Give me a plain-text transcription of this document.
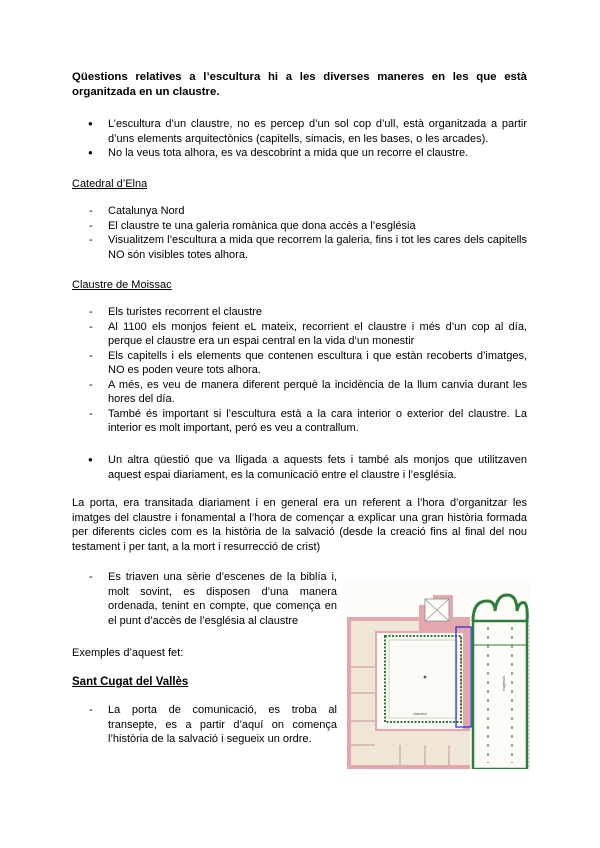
Qüestions relatives a l’escultura hi a les diverses maneres en les que està organitzada en un claustre.

● L’escultura d’un claustre, no es percep d’un sol cop d’ull, està organitzada a partir d’uns elements arquitectònics (capitells, simacis, en les bases, o les arcades).
● No la veus tota alhora, es va descobrint a mida que un recorre el claustre.

Catedral d’Elna

- Catalunya Nord
- El claustre te una galeria romànica que dona accès a l’església
- Visualitzem l’escultura a mida que recorrem la galeria, fins i tot les cares dels capitells NO són visibles totes alhora.

Claustre de Moissac

- Els turistes recorrent el claustre
- Al 1100 els monjos feient eL mateix, recorrient el claustre i més d’un cop al día, perque el claustre era un espai central en la vida d’un monestir
- Els capitells i els elements que contenen escultura i que estàn recoberts d’imatges, NO es poden veure tots alhora.
- A més, es veu de manera diferent perquè la incidència de la llum canvia durant les hores del día.
- També és important si l’escultura està a la cara interior o exterior del claustre. La interior es molt important, peró es veu a contrallum.
● Un altra qüestió que va lligada a aquests fets i també als monjos que utilitzaven aquest espai diariament, es la comunicació entre el claustre i l’església.

La porta, era transitada diariament i en general era un referent a l’hora d’organitzar les imatges del claustre i fonamental a l’hora de començar a explicar una gran història formada per diferents cicles com es la història de la salvació (desde la creació fins al final del nou testament i per tant, a la mort i resurrecció de crist)

- Es triaven una sèrie d’escenes de la biblía i, molt sovint, es disposen d’una manera ordenada, tenint en compte, que comença en el punt d’accès de l’església al claustre

Exemples d’aquest fet:

Sant Cugat del Vallès

- La porta de comunicació, es troba al transepte, es a partir d’aquí on comença l’història de la salvació i segueix un ordre.
claustre
església
